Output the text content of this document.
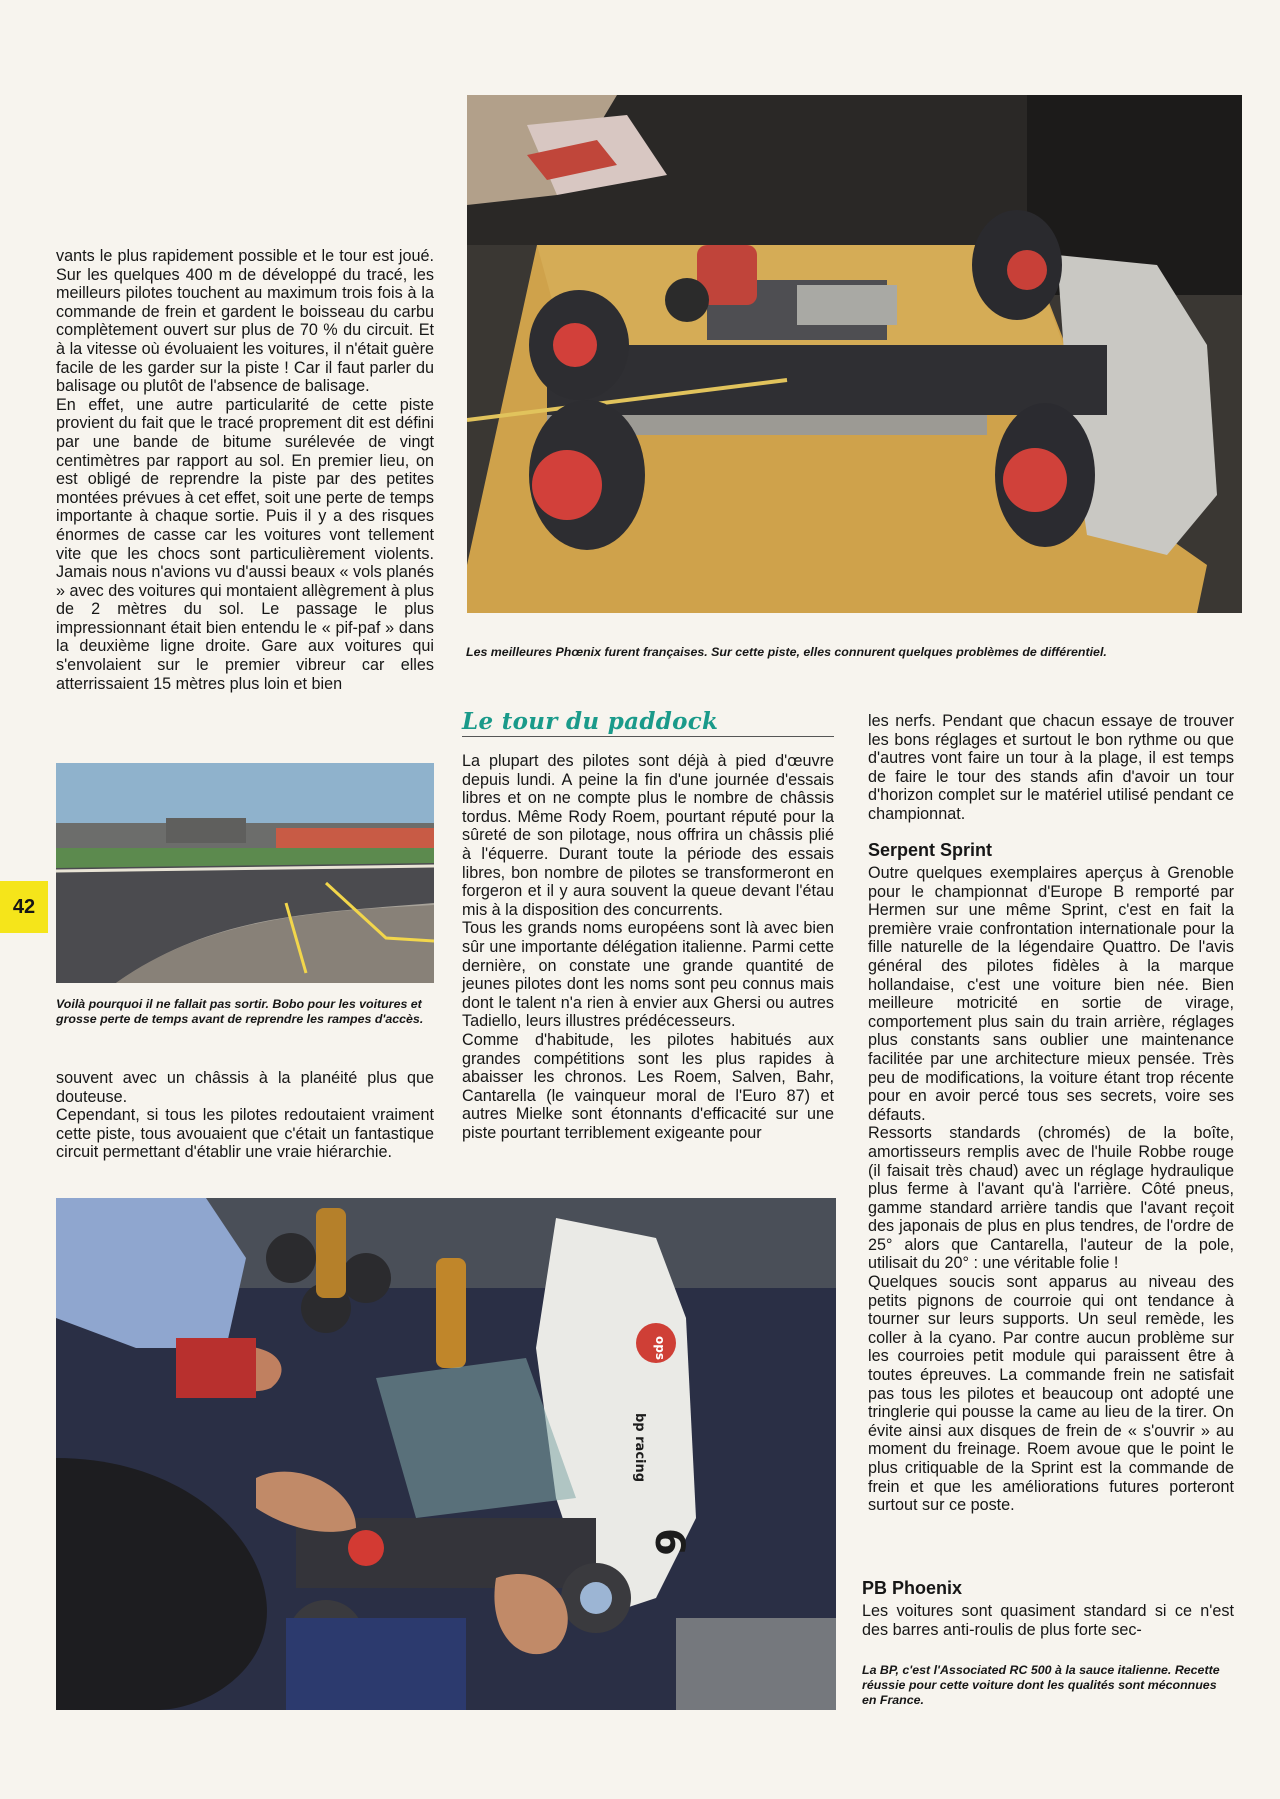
Les meilleures Phœnix furent françaises. Sur cette piste, elles connurent quelques problèmes de différentiel.

vants le plus rapidement possible et le tour est joué. Sur les quelques 400 m de développé du tracé, les meilleurs pilotes touchent au maximum trois fois à la commande de frein et gardent le boisseau du carbu complètement ouvert sur plus de 70 % du circuit. Et à la vitesse où évoluaient les voitures, il n'était guère facile de les garder sur la piste ! Car il faut parler du balisage ou plutôt de l'absence de balisage.

En effet, une autre particularité de cette piste provient du fait que le tracé proprement dit est défini par une bande de bitume surélevée de vingt centimètres par rapport au sol. En premier lieu, on est obligé de reprendre la piste par des petites montées prévues à cet effet, soit une perte de temps importante à chaque sortie. Puis il y a des risques énormes de casse car les voitures vont tellement vite que les chocs sont particulièrement violents. Jamais nous n'avions vu d'aussi beaux « vols planés » avec des voitures qui montaient allègrement à plus de 2 mètres du sol. Le passage le plus impressionnant était bien entendu le « pif-paf » dans la deuxième ligne droite. Gare aux voitures qui s'envolaient sur le premier vibreur car elles atterrissaient 15 mètres plus loin et bien

Voilà pourquoi il ne fallait pas sortir. Bobo pour les voitures et grosse perte de temps avant de reprendre les rampes d'accès.
42

souvent avec un châssis à la planéité plus que douteuse.

Cependant, si tous les pilotes redoutaient vraiment cette piste, tous avouaient que c'était un fantastique circuit permettant d'établir une vraie hiérarchie.

Le tour du paddock

La plupart des pilotes sont déjà à pied d'œuvre depuis lundi. A peine la fin d'une journée d'essais libres et on ne compte plus le nombre de châssis tordus. Même Rody Roem, pourtant réputé pour la sûreté de son pilotage, nous offrira un châssis plié à l'équerre. Durant toute la période des essais libres, bon nombre de pilotes se transformeront en forgeron et il y aura souvent la queue devant l'étau mis à la disposition des concurrents.

Tous les grands noms européens sont là avec bien sûr une importante délégation italienne. Parmi cette dernière, on constate une grande quantité de jeunes pilotes dont les noms sont peu connus mais dont le talent n'a rien à envier aux Ghersi ou autres Tadiello, leurs illustres prédécesseurs.

Comme d'habitude, les pilotes habitués aux grandes compétitions sont les plus rapides à abaisser les chronos. Les Roem, Salven, Bahr, Cantarella (le vainqueur moral de l'Euro 87) et autres Mielke sont étonnants d'efficacité sur une piste pourtant terriblement exigeante pour

les nerfs. Pendant que chacun essaye de trouver les bons réglages et surtout le bon rythme ou que d'autres vont faire un tour à la plage, il est temps de faire le tour des stands afin d'avoir un tour d'horizon complet sur le matériel utilisé pendant ce championnat.

Serpent Sprint

Outre quelques exemplaires aperçus à Grenoble pour le championnat d'Europe B remporté par Hermen sur une même Sprint, c'est en fait la première vraie confrontation internationale pour la fille naturelle de la légendaire Quattro. De l'avis général des pilotes fidèles à la marque hollandaise, c'est une voiture bien née. Bien meilleure motricité en sortie de virage, comportement plus sain du train arrière, réglages plus constants sans oublier une maintenance facilitée par une architecture mieux pensée. Très peu de modifications, la voiture étant trop récente pour en avoir percé tous ses secrets, voire ses défauts.

Ressorts standards (chromés) de la boîte, amortisseurs remplis avec de l'huile Robbe rouge (il faisait très chaud) avec un réglage hydraulique plus ferme à l'avant qu'à l'arrière. Côté pneus, gamme standard arrière tandis que l'avant reçoit des japonais de plus en plus tendres, de l'ordre de 25° alors que Cantarella, l'auteur de la pole, utilisait du 20° : une véritable folie !

Quelques soucis sont apparus au niveau des petits pignons de courroie qui ont tendance à tourner sur leurs supports. Un seul remède, les coller à la cyano. Par contre aucun problème sur les courroies petit module qui paraissent être à toutes épreuves. La commande frein ne satisfait pas tous les pilotes et beaucoup ont adopté une tringlerie qui pousse la came au lieu de la tirer. On évite ainsi aux disques de frein de « s'ouvrir » au moment du freinage. Roem avoue que le point le plus critiquable de la Sprint est la commande de frein et que les améliorations futures porteront surtout sur ce poste.

PB Phoenix

Les voitures sont quasiment standard si ce n'est des barres anti-roulis de plus forte sec-

La BP, c'est l'Associated RC 500 à la sauce italienne. Recette réussie pour cette voiture dont les qualités sont méconnues en France.
ops
bp racing
6
